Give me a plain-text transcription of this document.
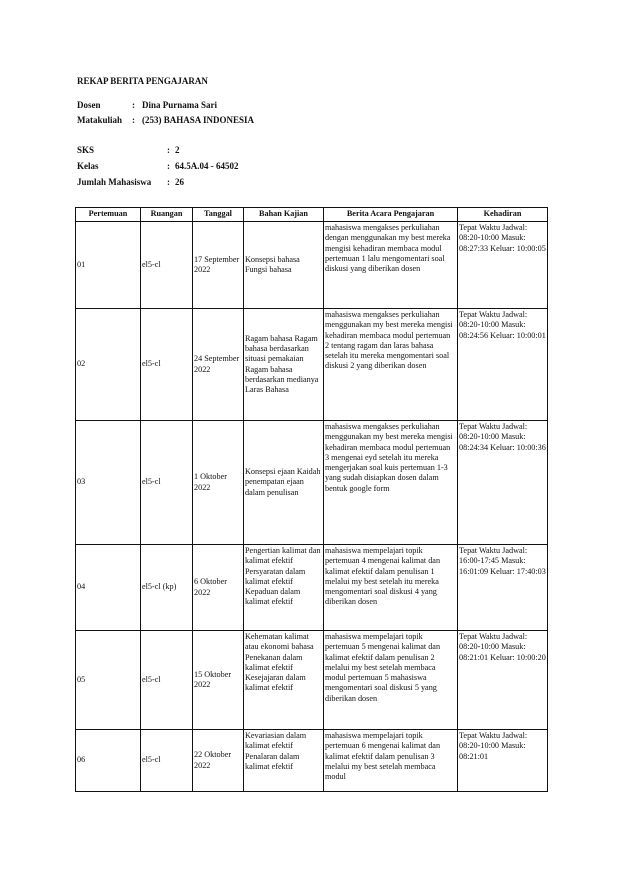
REKAP BERITA PENGAJARAN
Dosen	: Dina Purnama Sari
Matakuliah : (253) BAHASA INDONESIA
SKS	: 2
Kelas	: 64.5A.04 - 64502
Jumlah Mahasiswa : 26
Pertemuan	Ruangan	Tanggal	Bahan Kajian	Berita Acara Pengajaran	Kehadiran
01	el5-cl	17 September 2022	Konsepsi bahasa Fungsi bahasa	mahasiswa mengakses perkuliahan dengan menggunakan my best mereka mengisi kehadiran membaca modul pertemuan 1 lalu mengomentari soal diskusi yang diberikan dosen	Tepat Waktu Jadwal: 08:20-10:00 Masuk: 08:27:33 Keluar: 10:00:05
02	el5-cl	24 September 2022	Ragam bahasa Ragam bahasa berdasarkan situasi pemakaian Ragam bahasa berdasarkan medianya Laras Bahasa	mahasiswa mengakses perkuliahan menggunakan my best mereka mengisi kehadiran membaca modul pertemuan 2 tentang ragam dan laras bahasa setelah itu mereka mengomentari soal diskusi 2 yang diberikan dosen	Tepat Waktu Jadwal: 08:20-10:00 Masuk: 08:24:56 Keluar: 10:00:01
03	el5-cl	1 Oktober 2022	Konsepsi ejaan Kaidah penempatan ejaan dalam penulisan	mahasiswa mengakses perkuliahan menggunakan my best mereka mengisi kehadiran membaca modul pertemuan 3 mengenai eyd setelah itu mereka mengerjakan soal kuis pertemuan 1-3 yang sudah disiapkan dosen dalam bentuk google form	Tepat Waktu Jadwal: 08:20-10:00 Masuk: 08:24:34 Keluar: 10:00:36
04	el5-cl (kp)	6 Oktober 2022	Pengertian kalimat dan kalimat efektif Persyaratan dalam kalimat efektif Kepaduan dalam kalimat efektif	mahasiswa mempelajari topik pertemuan 4 mengenai kalimat dan kalimat efektif dalam penulisan 1 melalui my best setelah itu mereka mengomentari soal diskusi 4 yang diberikan dosen	Tepat Waktu Jadwal: 16:00-17:45 Masuk: 16:01:09 Keluar: 17:40:03
05	el5-cl	15 Oktober 2022	Kehematan kalimat atau ekonomi bahasa Penekanan dalam kalimat efektif Kesejajaran dalam kalimat efektif	mahasiswa mempelajari topik pertemuan 5 mengenai kalimat dan kalimat efektif dalam penulisan 2 melalui my best setelah membaca modul pertemuan 5 mahasiswa mengomentari soal diskusi 5 yang diberikan dosen	Tepat Waktu Jadwal: 08:20-10:00 Masuk: 08:21:01 Keluar: 10:00:20
06	el5-cl	22 Oktober 2022	Kevariasian dalam kalimat efektif Penalaran dalam kalimat efektif	mahasiswa mempelajari topik pertemuan 6 mengenai kalimat dan kalimat efektif dalam penulisan 3 melalui my best setelah membaca modul	Tepat Waktu Jadwal: 08:20-10:00 Masuk: 08:21:01
